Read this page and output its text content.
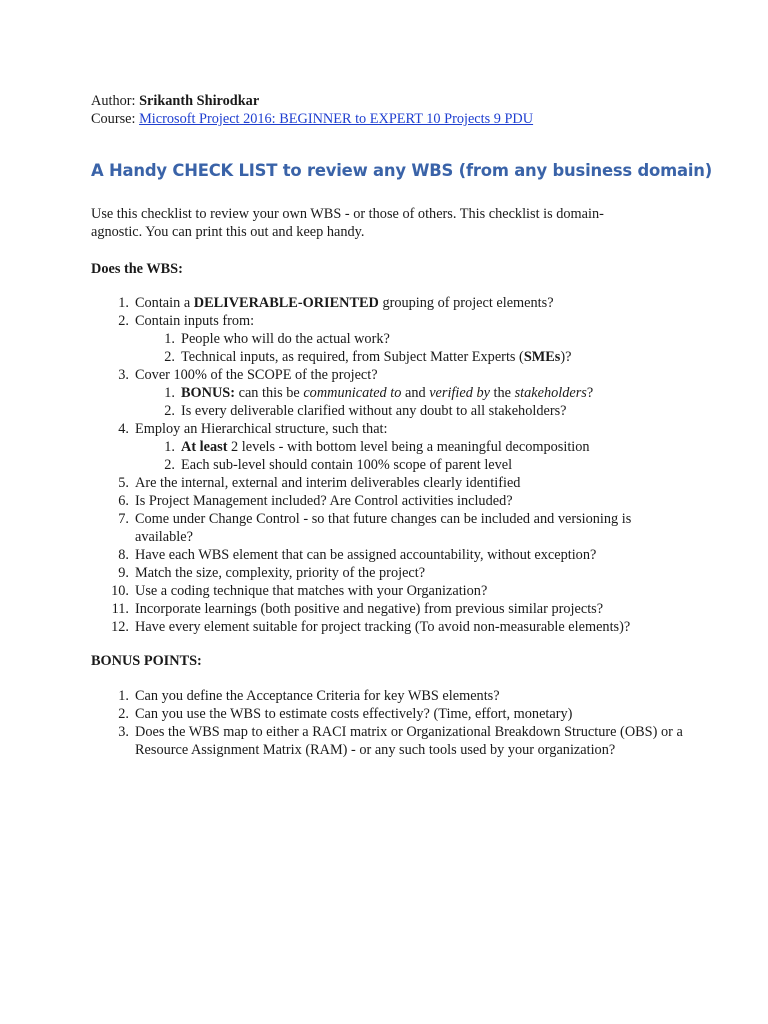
Author: Srikanth Shirodkar
Course: Microsoft Project 2016: BEGINNER to EXPERT 10 Projects 9 PDU
A Handy CHECK LIST to review any WBS (from any business domain)
Use this checklist to review your own WBS - or those of others. This checklist is domain-agnostic. You can print this out and keep handy.
Does the WBS:
1. Contain a DELIVERABLE-ORIENTED grouping of project elements?
2. Contain inputs from:
1. People who will do the actual work?
2. Technical inputs, as required, from Subject Matter Experts (SMEs)?
3. Cover 100% of the SCOPE of the project?
1. BONUS: can this be communicated to and verified by the stakeholders?
2. Is every deliverable clarified without any doubt to all stakeholders?
4. Employ an Hierarchical structure, such that:
1. At least 2 levels - with bottom level being a meaningful decomposition
2. Each sub-level should contain 100% scope of parent level
5. Are the internal, external and interim deliverables clearly identified
6. Is Project Management included? Are Control activities included?
7. Come under Change Control - so that future changes can be included and versioning is available?
8. Have each WBS element that can be assigned accountability, without exception?
9. Match the size, complexity, priority of the project?
10. Use a coding technique that matches with your Organization?
11. Incorporate learnings (both positive and negative) from previous similar projects?
12. Have every element suitable for project tracking (To avoid non-measurable elements)?
BONUS POINTS:
1. Can you define the Acceptance Criteria for key WBS elements?
2. Can you use the WBS to estimate costs effectively? (Time, effort, monetary)
3. Does the WBS map to either a RACI matrix or Organizational Breakdown Structure (OBS) or a Resource Assignment Matrix (RAM) - or any such tools used by your organization?
